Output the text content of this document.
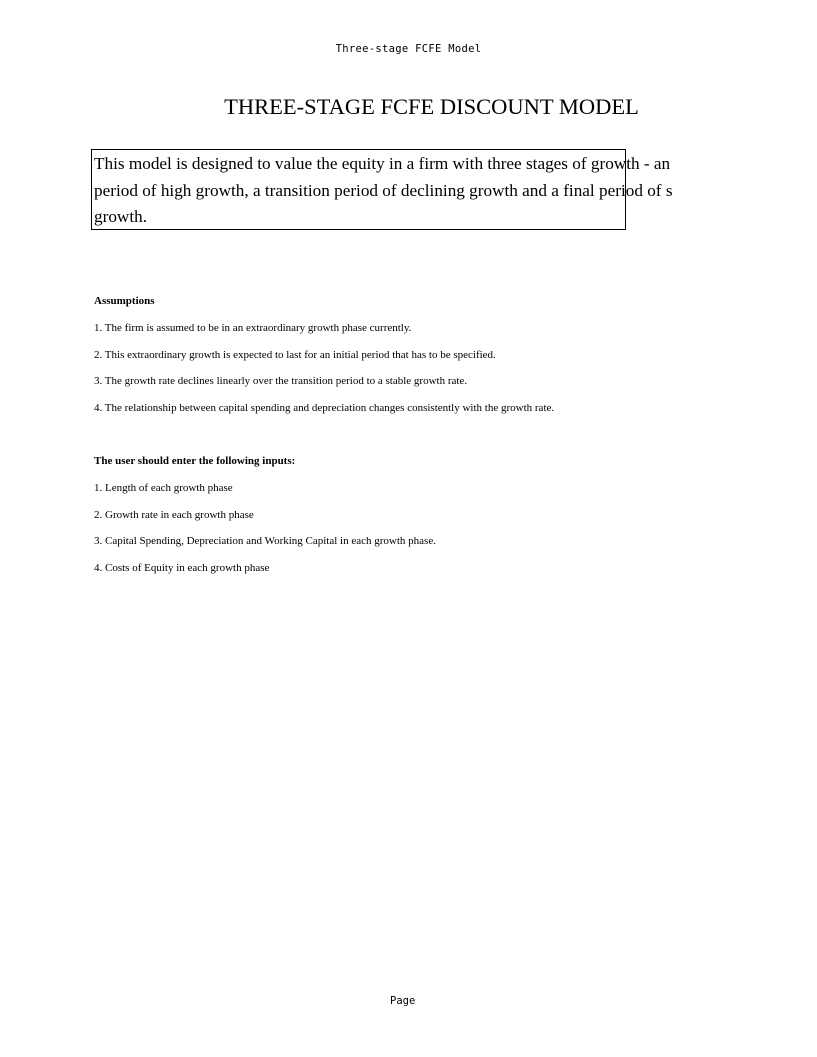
Three-stage FCFE Model
THREE-STAGE FCFE DISCOUNT MODEL
This model is designed to value the equity in a firm with three stages of growth - an
period of high growth, a transition period of declining growth and a final period of s
growth.
Assumptions
1. The firm is assumed to be in an extraordinary growth phase currently.
2. This extraordinary growth is expected to last for an initial period that has to be specified.
3. The growth rate declines linearly over the transition period to a stable growth rate.
4. The relationship between capital spending and depreciation changes consistently with the growth rate.
The user should enter the following inputs:
1. Length of each growth phase
2. Growth rate in each growth phase
3. Capital Spending, Depreciation and Working Capital in each growth phase.
4. Costs of Equity in each growth phase
Page
